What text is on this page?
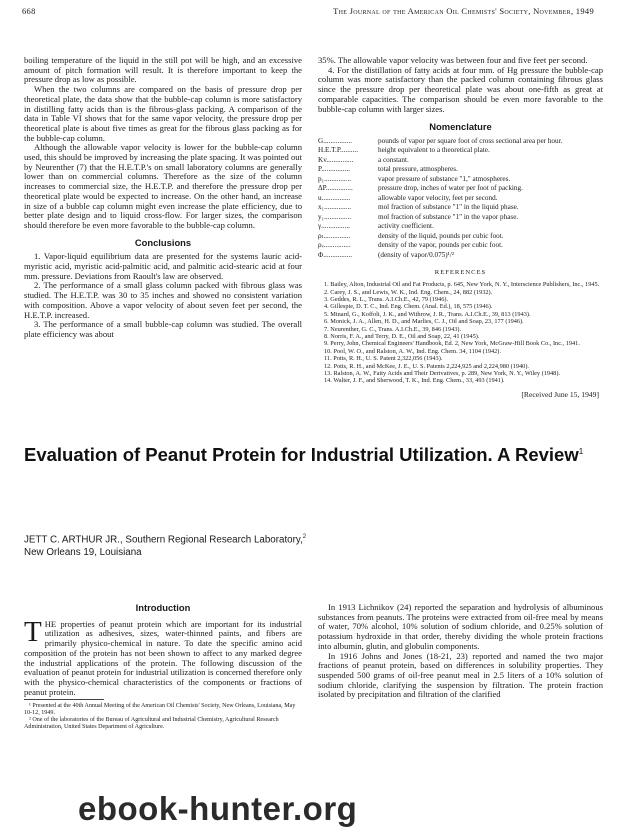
668	The Journal of the American Oil Chemists' Society, November, 1949

boiling temperature of the liquid in the still pot will be high, and an excessive amount of pitch formation will result. It is therefore important to keep the pressure drop as low as possible.

When the two columns are compared on the basis of pressure drop per theoretical plate, the data show that the bubble-cap column is more satisfactory in distilling fatty acids than is the fibrous-glass packing. A comparison of the data in Table VI shows that for the same vapor velocity, the pressure drop per theoretical plate is about five times as great for the fibrous glass packing as for the bubble-cap column.

Although the allowable vapor velocity is lower for the bubble-cap column used, this should be improved by increasing the plate spacing. It was pointed out by Neurenther (7) that the H.E.T.P.'s on small laboratory columns are generally lower than on commercial columns. Therefore as the size of the column increases to commercial size, the H.E.T.P. and therefore the pressure drop per theoretical plate would be expected to increase. On the other hand, an increase in size of a bubble cap column might even increase the plate efficiency, due to better plate design and to liquid cross-flow. For larger sizes, the comparison should therefore be even more favorable to the bubble-cap column.

Conclusions

1. Vapor-liquid equilibrium data are presented for the systems lauric acid-myristic acid, myristic acid-palmitic acid, and palmitic acid-stearic acid at four mm. pressure. Deviations from Raoult's law are observed.

2. The performance of a small glass column packed with fibrous glass was studied. The H.E.T.P. was 30 to 35 inches and showed no consistent variation with composition. Above a vapor velocity of about seven feet per second, the H.E.T.P. increased.

3. The performance of a small bubble-cap column was studied. The overall plate efficiency was about

35%. The allowable vapor velocity was between four and five feet per second.

4. For the distillation of fatty acids at four mm. of Hg pressure the bubble-cap column was more satisfactory than the packed column containing fibrous glass since the pressure drop per theoretical plate was about one-fifth as great at comparable capacities. The comparison should be even more favorable to the bubble-cap column with larger sizes.

Nomenclature
G................	pounds of vapor per square foot of cross sectional area per hour.
H.E.T.P..........	height equivalent to a theoretical plate.
Kv...............	a constant.
P................	total pressure, atmospheres.
p₁...............	vapor pressure of substance "1," atmospheres.
ΔP...............	pressure drop, inches of water per foot of packing.
u................	allowable vapor velocity, feet per second.
x₁...............	mol fraction of substance "1" in the liquid phase.
y₁...............	mol fraction of substance "1" in the vapor phase.
γ................	activity coefficient.
ρₗ...............	density of the liquid, pounds per cubic foot.
ρᵥ...............	density of the vapor, pounds per cubic foot.
Φ................	(density of vapor/0.075)¹/²
REFERENCES
1. Bailey, Alton, Industrial Oil and Fat Products, p. 645, New York, N. Y., Interscience Publishers, Inc., 1945.
2. Carey, J. S., and Lewis, W. K., Ind. Eng. Chem., 24, 882 (1932).
3. Geddes, R. L., Trans. A.I.Ch.E., 42, 79 (1946).
4. Gillespie, D. T. C., Ind. Eng. Chem. (Anal. Ed.), 18, 575 (1946).
5. Minard, G., Koffolt, J. K., and Withrow, J. R., Trans. A.I.Ch.E., 39, 813 (1943).
6. Monick, J. A., Allen, H. D., and Marlies, C. J., Oil and Soap, 23, 177 (1946).
7. Neurenther, G. C., Trans. A.I.Ch.E., 39, 846 (1943).
8. Norris, F. A., and Terry, D. E., Oil and Soap, 22, 41 (1945).
9. Perry, John, Chemical Engineers' Handbook, Ed. 2, New York, McGraw-Hill Book Co., Inc., 1941.
10. Pool, W. O., and Ralston, A. W., Ind. Eng. Chem. 34, 1104 (1942).
11. Potts, R. H., U. S. Patent 2,322,056 (1943).
12. Potts, R. H., and McKee, J. E., U. S. Patents 2,224,925 and 2,224,980 (1940).
13. Ralston, A. W., Fatty Acids and Their Derivatives, p. 289, New York, N. Y., Wiley (1948).
14. Walter, J. F., and Sherwood, T. K., Ind. Eng. Chem., 33, 493 (1941).
[Received June 15, 1949]
Evaluation of Peanut Protein for Industrial Utilization. A Review$^1$
JETT C. ARTHUR JR., Southern Regional Research Laboratory,$^2$
New Orleans 19, Louisiana
Introduction

THE properties of peanut protein which are important for its industrial utilization as adhesives, sizes, water-thinned paints, and fibers are primarily physico-chemical in nature. To date the specific amino acid composition of the protein has not been shown to affect to any marked degree the industrial applications of the protein. The following discussion of the evaluation of peanut protein for industrial utilization is concerned therefore only with the physico-chemical characteristics of the components or fractions of peanut protein.

¹ Presented at the 40th Annual Meeting of the American Oil Chemists' Society, New Orleans, Louisiana, May 10-12, 1949.

² One of the laboratories of the Bureau of Agricultural and Industrial Chemistry, Agricultural Research Administration, United States Department of Agriculture.

In 1913 Lichnikov (24) reported the separation and hydrolysis of albuminous substances from peanuts. The proteins were extracted from oil-free meal by means of water, 70% alcohol, 10% solution of sodium chloride, and 0.25% solution of potassium hydroxide in that order, thereby dividing the whole protein fractions into albumin, glutin, and globulin components.

In 1916 Johns and Jones (18-21, 23) reported and named the two major fractions of peanut protein, based on differences in solubility properties. They suspended 500 grams of oil-free peanut meal in 2.5 liters of a 10% solution of sodium chloride, clarifying the suspension by filtration. The protein fraction isolated by precipitation and filtration of the clarified

ebook-hunter.org
